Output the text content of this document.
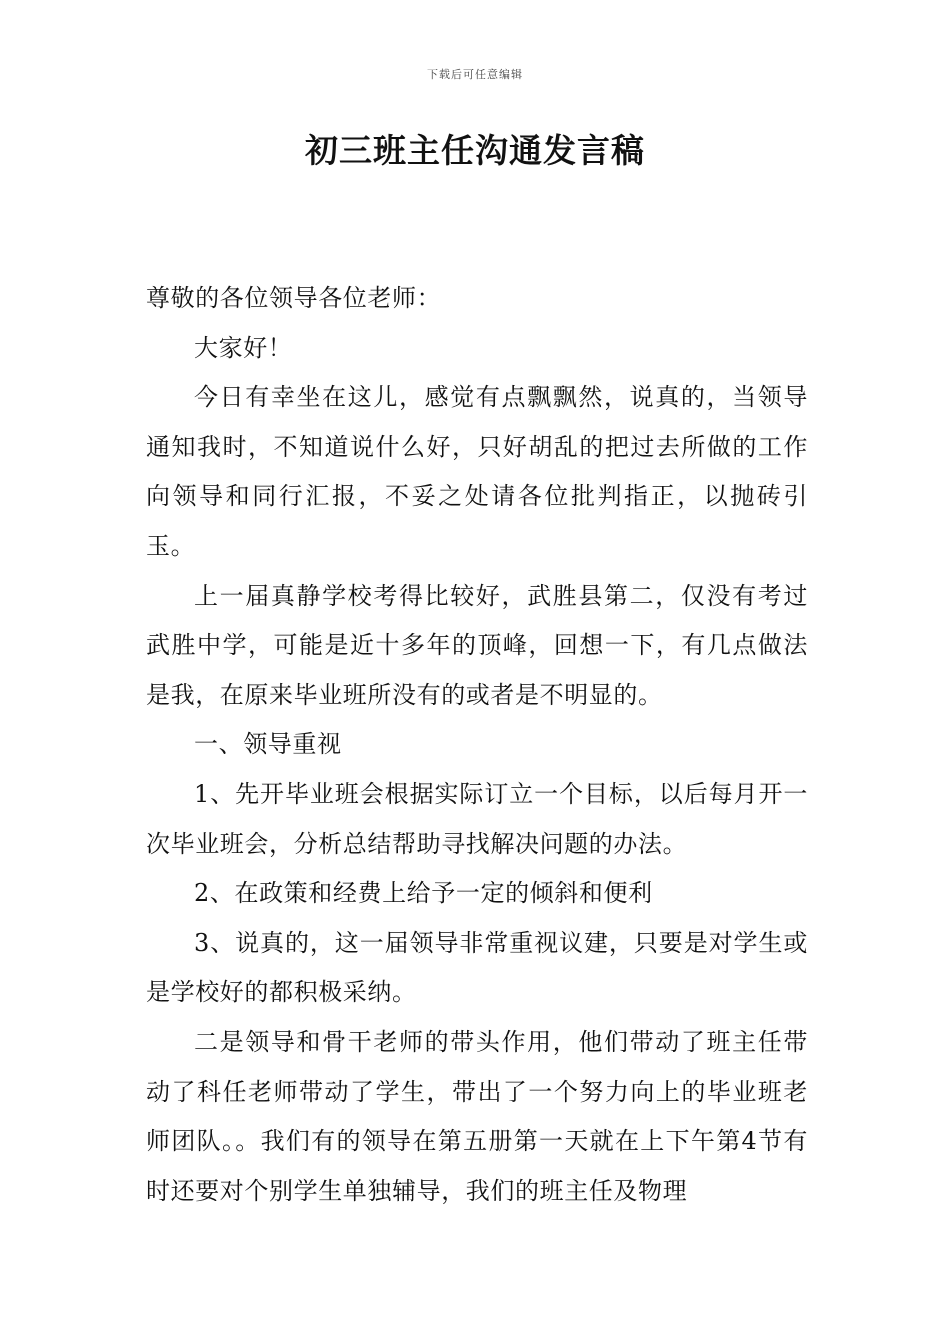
下载后可任意编辑
初三班主任沟通发言稿

尊敬的各位领导各位老师：

大家好！

今日有幸坐在这儿，感觉有点飘飘然，说真的，当领导通知我时，不知道说什么好，只好胡乱的把过去所做的工作向领导和同行汇报，不妥之处请各位批判指正，以抛砖引玉。

上一届真静学校考得比较好，武胜县第二，仅没有考过武胜中学，可能是近十多年的顶峰，回想一下，有几点做法是我，在原来毕业班所没有的或者是不明显的。

一、领导重视

1、先开毕业班会根据实际订立一个目标，以后每月开一次毕业班会，分析总结帮助寻找解决问题的办法。

2、在政策和经费上给予一定的倾斜和便利

3、说真的，这一届领导非常重视议建，只要是对学生或是学校好的都积极采纳。

二是领导和骨干老师的带头作用，他们带动了班主任带动了科任老师带动了学生，带出了一个努力向上的毕业班老师团队。。我们有的领导在第五册第一天就在上下午第4节有时还要对个别学生单独辅导，我们的班主任及物理
